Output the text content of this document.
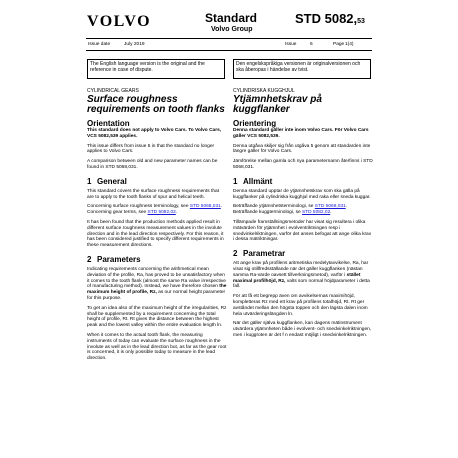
VOLVO	Standard
Volvo Group
STD 5082,53
Issue date	July 2019	Issue	6	Page 1(4)
The English language version is the original and the reference in case of dispute.
Den engelskspråkiga versionen är originalversionen och ska åberopas i händelse av tvist.
CYLINDRICAL GEARS
Surface roughness requirements on tooth flanks
Orientation

This standard does not apply to Volvo Cars. To Volvo Cars, VCS 5082,539 applies.

This issue differs from issue 5 in that the standard no longer applies to Volvo Cars.

A comparison between old and new parameter names can be found in STD 5068,031.

1 General

This standard covers the surface roughness requirements that are to apply to the tooth flanks of spur and helical teeth.

Concerning surface roughness terminology, see STD 5068,031. Concerning gear terms, see STD 5082,02.

It has been found that the production methods applied result in different surface roughness measurement values in the involute direction and in the lead direction respectively. For this reason, it has been considered justified to specify different requirements in these measurement directions.

2 Parameters

Indicating requirements concerning the arithmetical mean deviation of the profile, Ra, has proved to be unsatisfactory when it comes to the tooth flank (almost the same Ra value irrespective of manufacturing method). Instead, we have therefore chosen the maximum height of profile, Rz, as our normal height parameter for this purpose.

To get an idea also of the maximum height of the irregularities, Rz shall be supplemented by a requirement concerning the total height of profile, Rt. Rt gives the distance between the highest peak and the lowest valley within the entire evaluation length ln.

When it comes to the actual tooth flank, the measuring instruments of today can evaluate the surface roughness in the involute as well as in the lead direction but, as far as the gear root is concerned, it is only possible today to measure in the lead direction.

CYLINDRISKA KUGGHJUL
Ytjämnhetskrav på kuggflanker
Orientering

Denna standard gäller inte inom Volvo Cars. För Volvo Cars gäller VCS 5082,539.

Denna utgåva skiljer sig från utgåva 5 genom att standarden inte längre gäller för Volvo Cars.

Jämförelse mellan gamla och nya parameternamn återfinns i STD 5068,031.

1 Allmänt

Denna standard upptar de ytjämnhetskrav som ska gälla på kuggflanker på cylindriska kugghjul med raka eller sneda kuggar.

Beträffande ytjämnhetsterminologi, se STD 5068,031. Beträffande kuggterminologi, se STD 5082,02.

Tillämpade framställningsmetoder har visat sig resultera i olika mätvärden för ytjämnhet i evolventriktningen resp i snedvinkelriktningen, varför det anses befogat att ange olika krav i dessa mätriktningar.

2 Parametrar

Att ange krav på profilens aritmetiska medelytavvikelse, Ra, har visat sig otillfredsställande när det gäller kuggflanken (nästan samma Ra-värde oavsett tillverkningsmetod), varför i stället maximal profilhöjd, Rz, valts som normal höjdparameter i detta fall.

För att få ett begrepp även om avvikelsernas maximihöjd, kompletteras Rz med ett krav på profilens totalhöjd, Rt. Rt ger avståndet mellan den högsta toppen och den lägsta dalen inom hela utvärderingslängden ln.

När det gäller själva kuggflanken, kan dagens mätinstrument utvärdera ytjämnheten både i evolvent- och snedvinkelriktningen, men i kuggroten är det f n endast möjligt i snedvinkelriktningen.
